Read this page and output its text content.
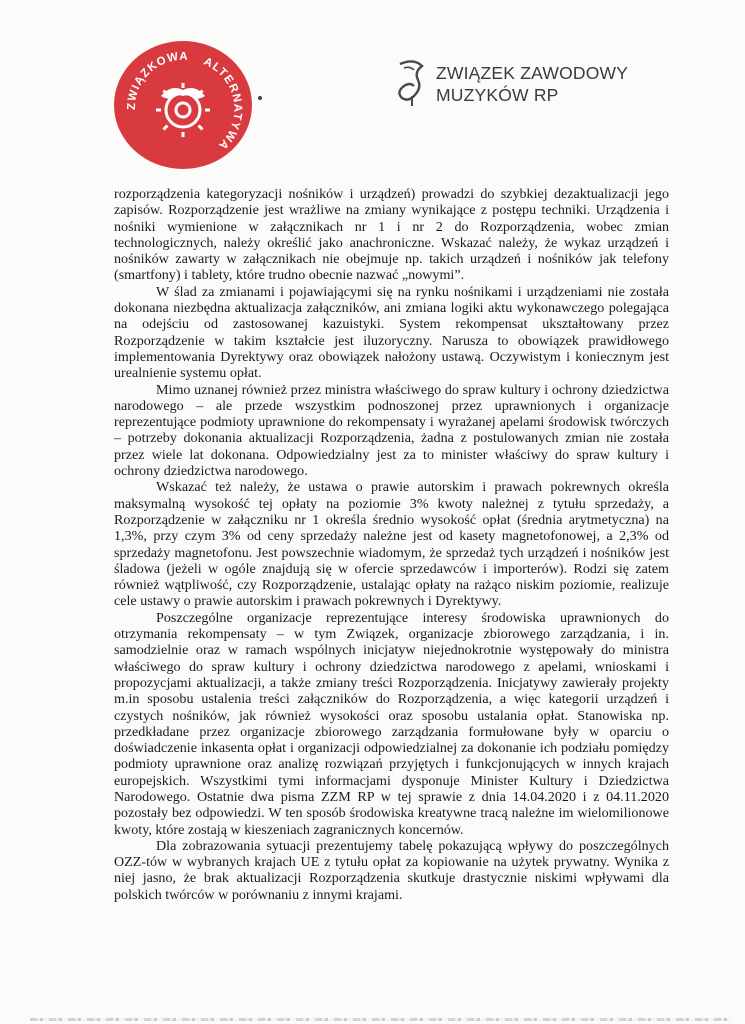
ZWIĄZKOWA ALTERNATYWA
ZWIĄZEK ZAWODOWY
MUZYKÓW RP

rozporządzenia kategoryzacji nośników i urządzeń) prowadzi do szybkiej dezaktualizacji jego zapisów. Rozporządzenie jest wrażliwe na zmiany wynikające z postępu techniki. Urządzenia i nośniki wymienione w załącznikach nr 1 i nr 2 do Rozporządzenia, wobec zmian technologicznych, należy określić jako anachroniczne. Wskazać należy, że wykaz urządzeń i nośników zawarty w załącznikach nie obejmuje np. takich urządzeń i nośników jak telefony (smartfony) i tablety, które trudno obecnie nazwać „nowymi”.

W ślad za zmianami i pojawiającymi się na rynku nośnikami i urządzeniami nie została dokonana niezbędna aktualizacja załączników, ani zmiana logiki aktu wykonawczego polegająca na odejściu od zastosowanej kazuistyki. System rekompensat ukształtowany przez Rozporządzenie w takim kształcie jest iluzoryczny. Narusza to obowiązek prawidłowego implementowania Dyrektywy oraz obowiązek nałożony ustawą. Oczywistym i koniecznym jest urealnienie systemu opłat.

Mimo uznanej również przez ministra właściwego do spraw kultury i ochrony dziedzictwa narodowego – ale przede wszystkim podnoszonej przez uprawnionych i organizacje reprezentujące podmioty uprawnione do rekompensaty i wyrażanej apelami środowisk twórczych – potrzeby dokonania aktualizacji Rozporządzenia, żadna z postulowanych zmian nie została przez wiele lat dokonana. Odpowiedzialny jest za to minister właściwy do spraw kultury i ochrony dziedzictwa narodowego.

Wskazać też należy, że ustawa o prawie autorskim i prawach pokrewnych określa maksymalną wysokość tej opłaty na poziomie 3% kwoty należnej z tytułu sprzedaży, a Rozporządzenie w załączniku nr 1 określa średnio wysokość opłat (średnia arytmetyczna) na 1,3%, przy czym 3% od ceny sprzedaży należne jest od kasety magnetofonowej, a 2,3% od sprzedaży magnetofonu. Jest powszechnie wiadomym, że sprzedaż tych urządzeń i nośników jest śladowa (jeżeli w ogóle znajdują się w ofercie sprzedawców i importerów). Rodzi się zatem również wątpliwość, czy Rozporządzenie, ustalając opłaty na rażąco niskim poziomie, realizuje cele ustawy o prawie autorskim i prawach pokrewnych i Dyrektywy.

Poszczególne organizacje reprezentujące interesy środowiska uprawnionych do otrzymania rekompensaty – w tym Związek, organizacje zbiorowego zarządzania, i in. samodzielnie oraz w ramach wspólnych inicjatyw niejednokrotnie występowały do ministra właściwego do spraw kultury i ochrony dziedzictwa narodowego z apelami, wnioskami i propozycjami aktualizacji, a także zmiany treści Rozporządzenia. Inicjatywy zawierały projekty m.in sposobu ustalenia treści załączników do Rozporządzenia, a więc kategorii urządzeń i czystych nośników, jak również wysokości oraz sposobu ustalania opłat. Stanowiska np. przedkładane przez organizacje zbiorowego zarządzania formułowane były w oparciu o doświadczenie inkasenta opłat i organizacji odpowiedzialnej za dokonanie ich podziału pomiędzy podmioty uprawnione oraz analizę rozwiązań przyjętych i funkcjonujących w innych krajach europejskich. Wszystkimi tymi informacjami dysponuje Minister Kultury i Dziedzictwa Narodowego. Ostatnie dwa pisma ZZM RP w tej sprawie z dnia 14.04.2020 i z 04.11.2020 pozostały bez odpowiedzi. W ten sposób środowiska kreatywne tracą należne im wielomilionowe kwoty, które zostają w kieszeniach zagranicznych koncernów.

Dla zobrazowania sytuacji prezentujemy tabelę pokazującą wpływy do poszczególnych OZZ-tów w wybranych krajach UE z tytułu opłat za kopiowanie na użytek prywatny. Wynika z niej jasno, że brak aktualizacji Rozporządzenia skutkuje drastycznie niskimi wpływami dla polskich twórców w porównaniu z innymi krajami.
